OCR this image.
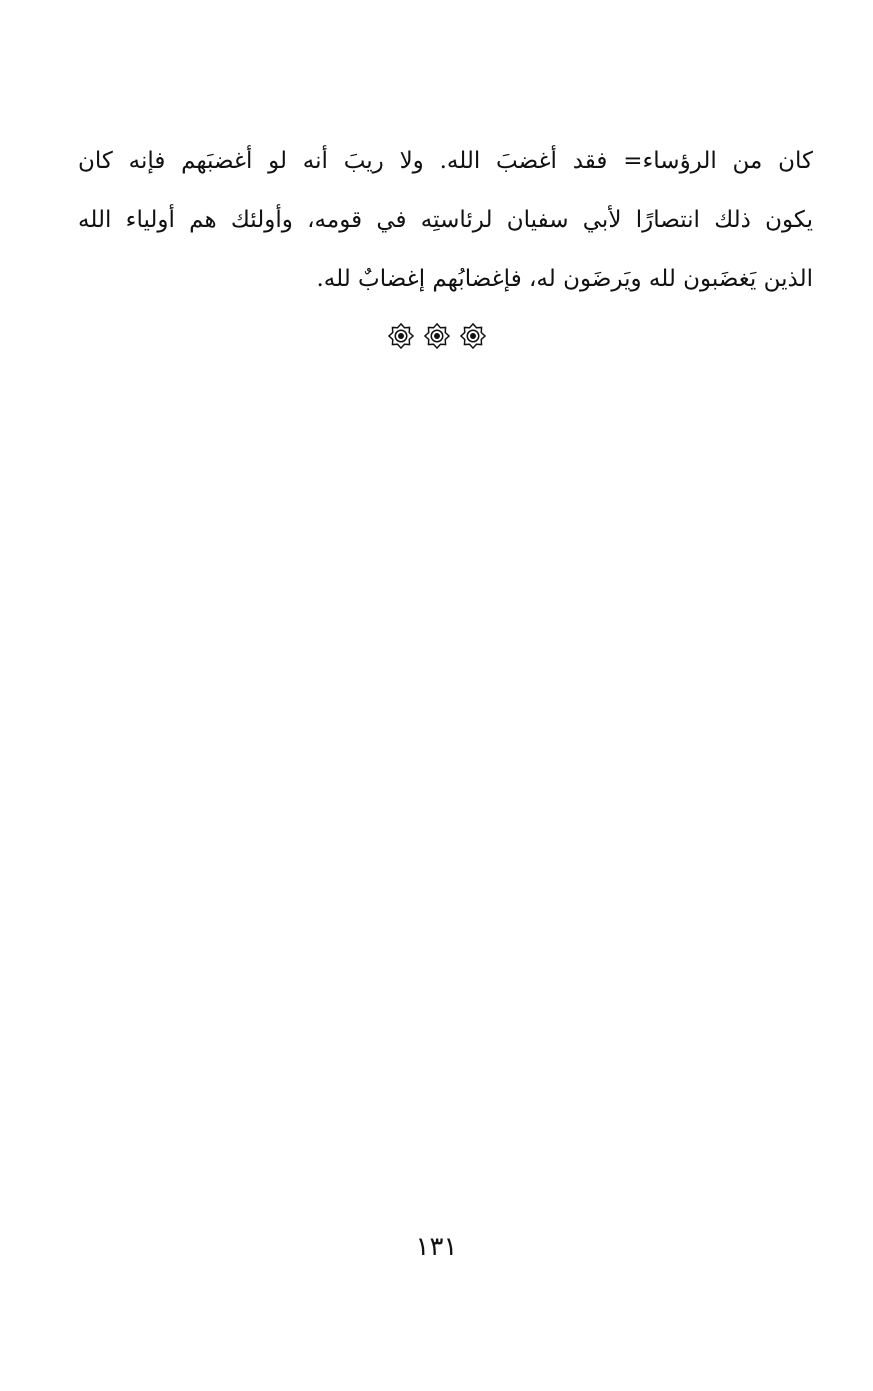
كان من الرؤساء= فقد أغضبَ الله. ولا ريبَ أنه لو أغضبَهم فإنه كان
يكون ذلك انتصارًا لأبي سفيان لرئاستِه في قومه، وأولئك هم أولياء الله
الذين يَغضَبون لله ويَرضَون له، فإغضابُهم إغضابٌ لله.
١٣١
